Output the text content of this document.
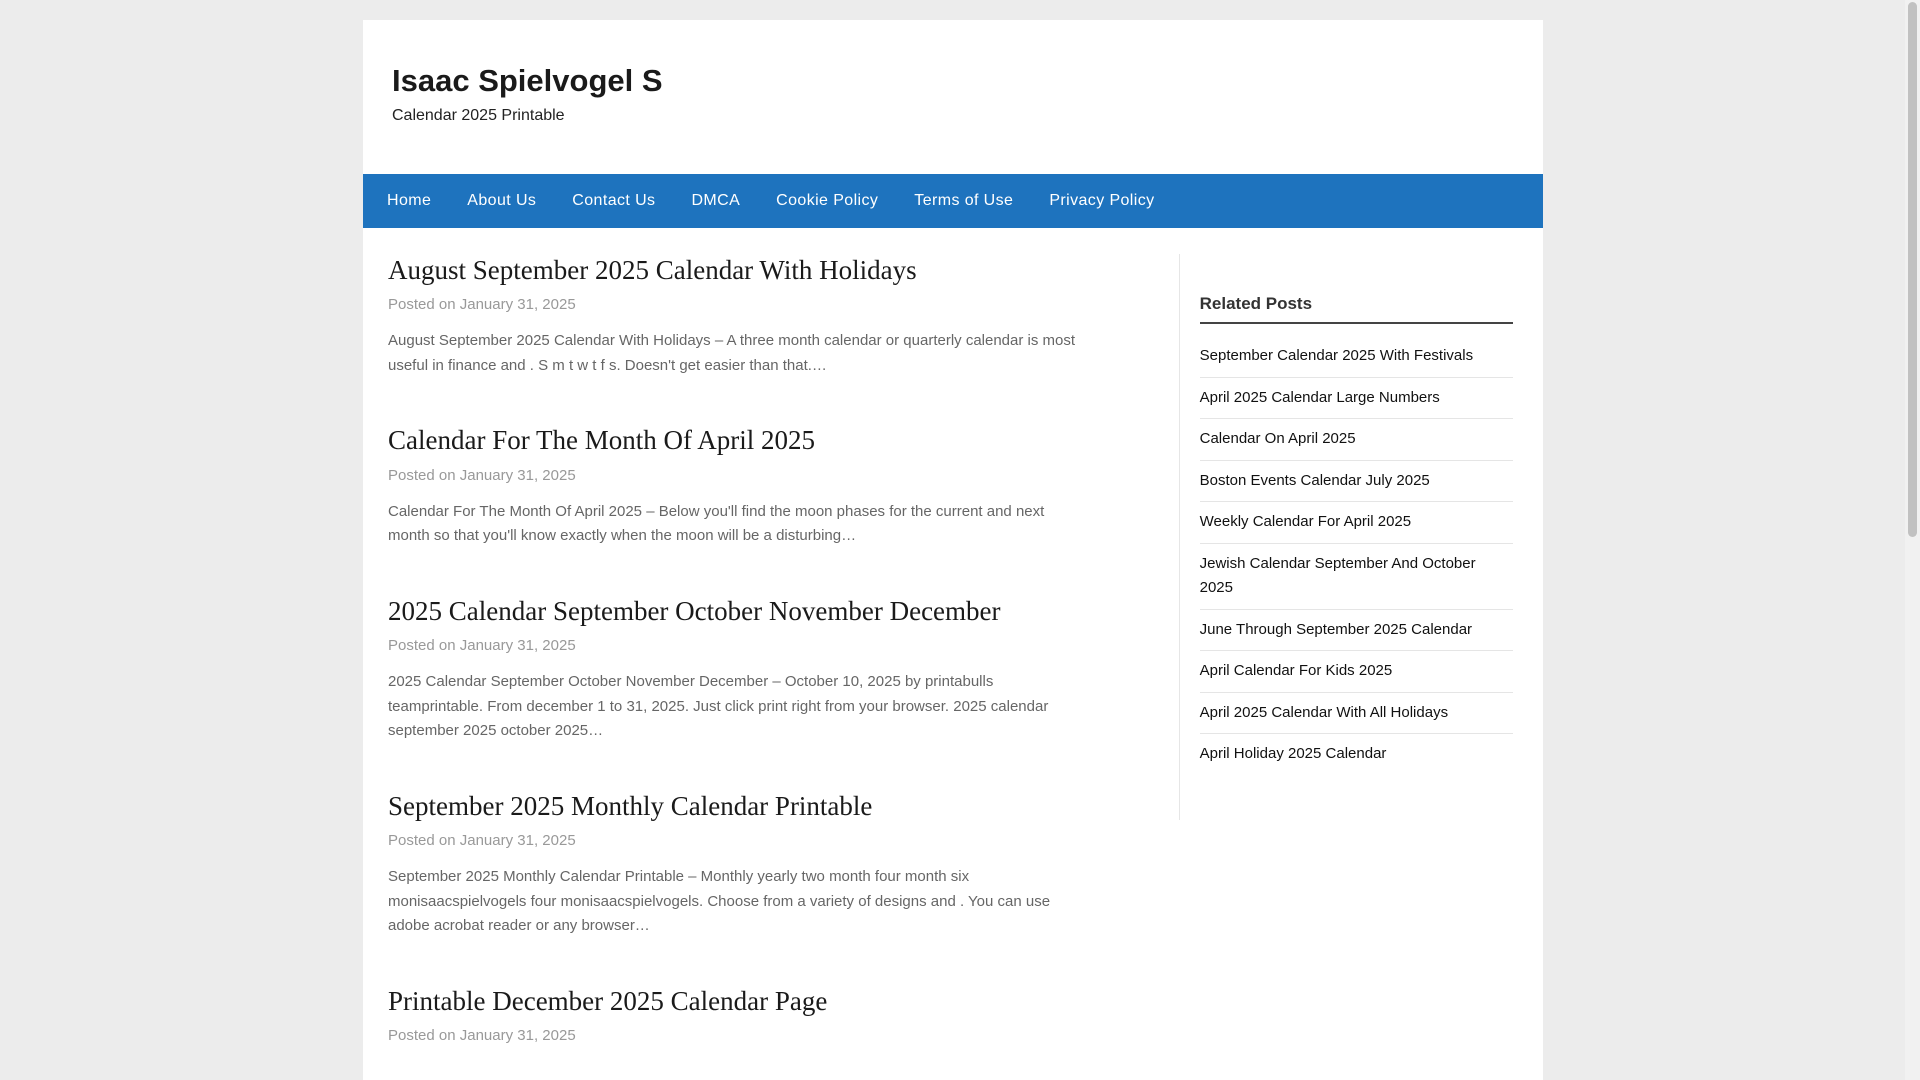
Isaac Spielvogel S
Calendar 2025 Printable
Home	About Us	Contact Us	DMCA	Cookie Policy	Terms of Use	Privacy Policy
August September 2025 Calendar With Holidays
Posted on January 31, 2025

August September 2025 Calendar With Holidays – A three month calendar or quarterly calendar is most useful in finance and . S m t w t f s. Doesn't get easier than that.…

Calendar For The Month Of April 2025
Posted on January 31, 2025

Calendar For The Month Of April 2025 – Below you'll find the moon phases for the current and next month so that you'll know exactly when the moon will be a disturbing…

2025 Calendar September October November December
Posted on January 31, 2025

2025 Calendar September October November December – October 10, 2025 by printabulls teamprintable. From december 1 to 31, 2025. Just click print right from your browser. 2025 calendar september 2025 october 2025…

September 2025 Monthly Calendar Printable
Posted on January 31, 2025

September 2025 Monthly Calendar Printable – Monthly yearly two month four month six monisaacspielvogels four monisaacspielvogels. Choose from a variety of designs and . You can use adobe acrobat reader or any browser…

Printable December 2025 Calendar Page
Posted on January 31, 2025
Related Posts
September Calendar 2025 With Festivals
April 2025 Calendar Large Numbers
Calendar On April 2025
Boston Events Calendar July 2025
Weekly Calendar For April 2025
Jewish Calendar September And October 2025
June Through September 2025 Calendar
April Calendar For Kids 2025
April 2025 Calendar With All Holidays
April Holiday 2025 Calendar
